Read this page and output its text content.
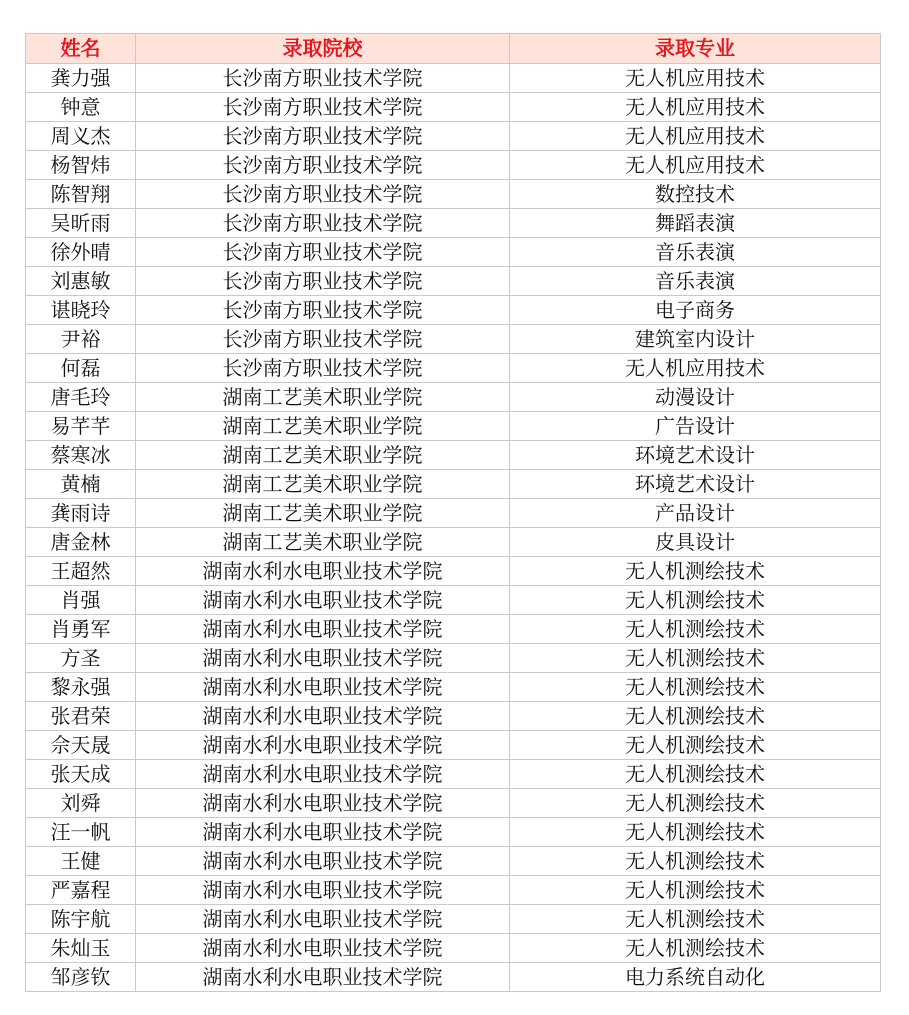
姓名	录取院校	录取专业
龚力强	长沙南方职业技术学院	无人机应用技术
钟意	长沙南方职业技术学院	无人机应用技术
周义杰	长沙南方职业技术学院	无人机应用技术
杨智炜	长沙南方职业技术学院	无人机应用技术
陈智翔	长沙南方职业技术学院	数控技术
吴昕雨	长沙南方职业技术学院	舞蹈表演
徐外晴	长沙南方职业技术学院	音乐表演
刘惠敏	长沙南方职业技术学院	音乐表演
谌晓玲	长沙南方职业技术学院	电子商务
尹裕	长沙南方职业技术学院	建筑室内设计
何磊	长沙南方职业技术学院	无人机应用技术
唐毛玲	湖南工艺美术职业学院	动漫设计
易芊芊	湖南工艺美术职业学院	广告设计
蔡寒冰	湖南工艺美术职业学院	环境艺术设计
黄楠	湖南工艺美术职业学院	环境艺术设计
龚雨诗	湖南工艺美术职业学院	产品设计
唐金林	湖南工艺美术职业学院	皮具设计
王超然	湖南水利水电职业技术学院	无人机测绘技术
肖强	湖南水利水电职业技术学院	无人机测绘技术
肖勇军	湖南水利水电职业技术学院	无人机测绘技术
方圣	湖南水利水电职业技术学院	无人机测绘技术
黎永强	湖南水利水电职业技术学院	无人机测绘技术
张君荣	湖南水利水电职业技术学院	无人机测绘技术
佘天晟	湖南水利水电职业技术学院	无人机测绘技术
张天成	湖南水利水电职业技术学院	无人机测绘技术
刘舜	湖南水利水电职业技术学院	无人机测绘技术
汪一帆	湖南水利水电职业技术学院	无人机测绘技术
王健	湖南水利水电职业技术学院	无人机测绘技术
严嘉程	湖南水利水电职业技术学院	无人机测绘技术
陈宇航	湖南水利水电职业技术学院	无人机测绘技术
朱灿玉	湖南水利水电职业技术学院	无人机测绘技术
邹彦钦	湖南水利水电职业技术学院	电力系统自动化
